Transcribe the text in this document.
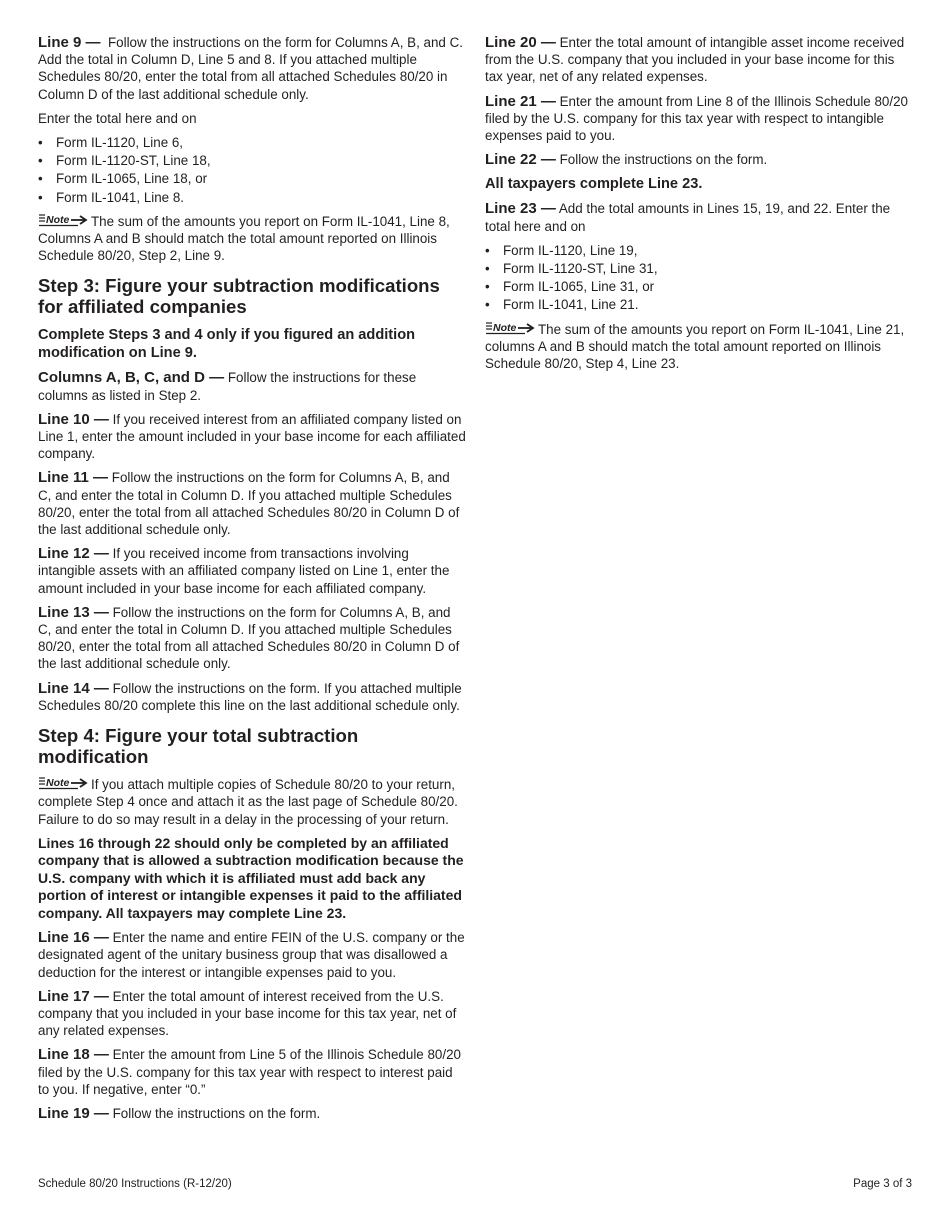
Line 9 — Follow the instructions on the form for Columns A, B, and C. Add the total in Column D, Line 5 and 8. If you attached multiple Schedules 80/20, enter the total from all attached Schedules 80/20 in Column D of the last additional schedule only.

Enter the total here and on

• Form IL-1120, Line 6,
• Form IL-1120-ST, Line 18,
• Form IL-1065, Line 18, or
• Form IL-1041, Line 8.

Note The sum of the amounts you report on Form IL-1041, Line 8, Columns A and B should match the total amount reported on Illinois Schedule 80/20, Step 2, Line 9.

Step 3: Figure your subtraction modifications for affiliated companies
Complete Steps 3 and 4 only if you figured an addition modification on Line 9.

Columns A, B, C, and D — Follow the instructions for these columns as listed in Step 2.

Line 10 — If you received interest from an affiliated company listed on Line 1, enter the amount included in your base income for each affiliated company.

Line 11 — Follow the instructions on the form for Columns A, B, and C, and enter the total in Column D. If you attached multiple Schedules 80/20, enter the total from all attached Schedules 80/20 in Column D of the last additional schedule only.

Line 12 — If you received income from transactions involving intangible assets with an affiliated company listed on Line 1, enter the amount included in your base income for each affiliated company.

Line 13 — Follow the instructions on the form for Columns A, B, and C, and enter the total in Column D. If you attached multiple Schedules 80/20, enter the total from all attached Schedules 80/20 in Column D of the last additional schedule only.

Line 14 — Follow the instructions on the form. If you attached multiple Schedules 80/20 complete this line on the last additional schedule only.

Step 4: Figure your total subtraction modification

Note If you attach multiple copies of Schedule 80/20 to your return, complete Step 4 once and attach it as the last page of Schedule 80/20. Failure to do so may result in a delay in the processing of your return.

Lines 16 through 22 should only be completed by an affiliated company that is allowed a subtraction modification because the U.S. company with which it is affiliated must add back any portion of interest or intangible expenses it paid to the affiliated company. All taxpayers may complete Line 23.

Line 16 — Enter the name and entire FEIN of the U.S. company or the designated agent of the unitary business group that was disallowed a deduction for the interest or intangible expenses paid to you.

Line 17 — Enter the total amount of interest received from the U.S. company that you included in your base income for this tax year, net of any related expenses.

Line 18 — Enter the amount from Line 5 of the Illinois Schedule 80/20 filed by the U.S. company for this tax year with respect to interest paid to you. If negative, enter “0.”

Line 19 — Follow the instructions on the form.

Line 20 — Enter the total amount of intangible asset income received from the U.S. company that you included in your base income for this tax year, net of any related expenses.

Line 21 — Enter the amount from Line 8 of the Illinois Schedule 80/20 filed by the U.S. company for this tax year with respect to intangible expenses paid to you.

Line 22 — Follow the instructions on the form.

All taxpayers complete Line 23.

Line 23 — Add the total amounts in Lines 15, 19, and 22. Enter the total here and on

• Form IL-1120, Line 19,
• Form IL-1120-ST, Line 31,
• Form IL-1065, Line 31, or
• Form IL-1041, Line 21.

Note The sum of the amounts you report on Form IL-1041, Line 21, columns A and B should match the total amount reported on Illinois Schedule 80/20, Step 4, Line 23.

Schedule 80/20 Instructions (R-12/20)	Page 3 of 3
